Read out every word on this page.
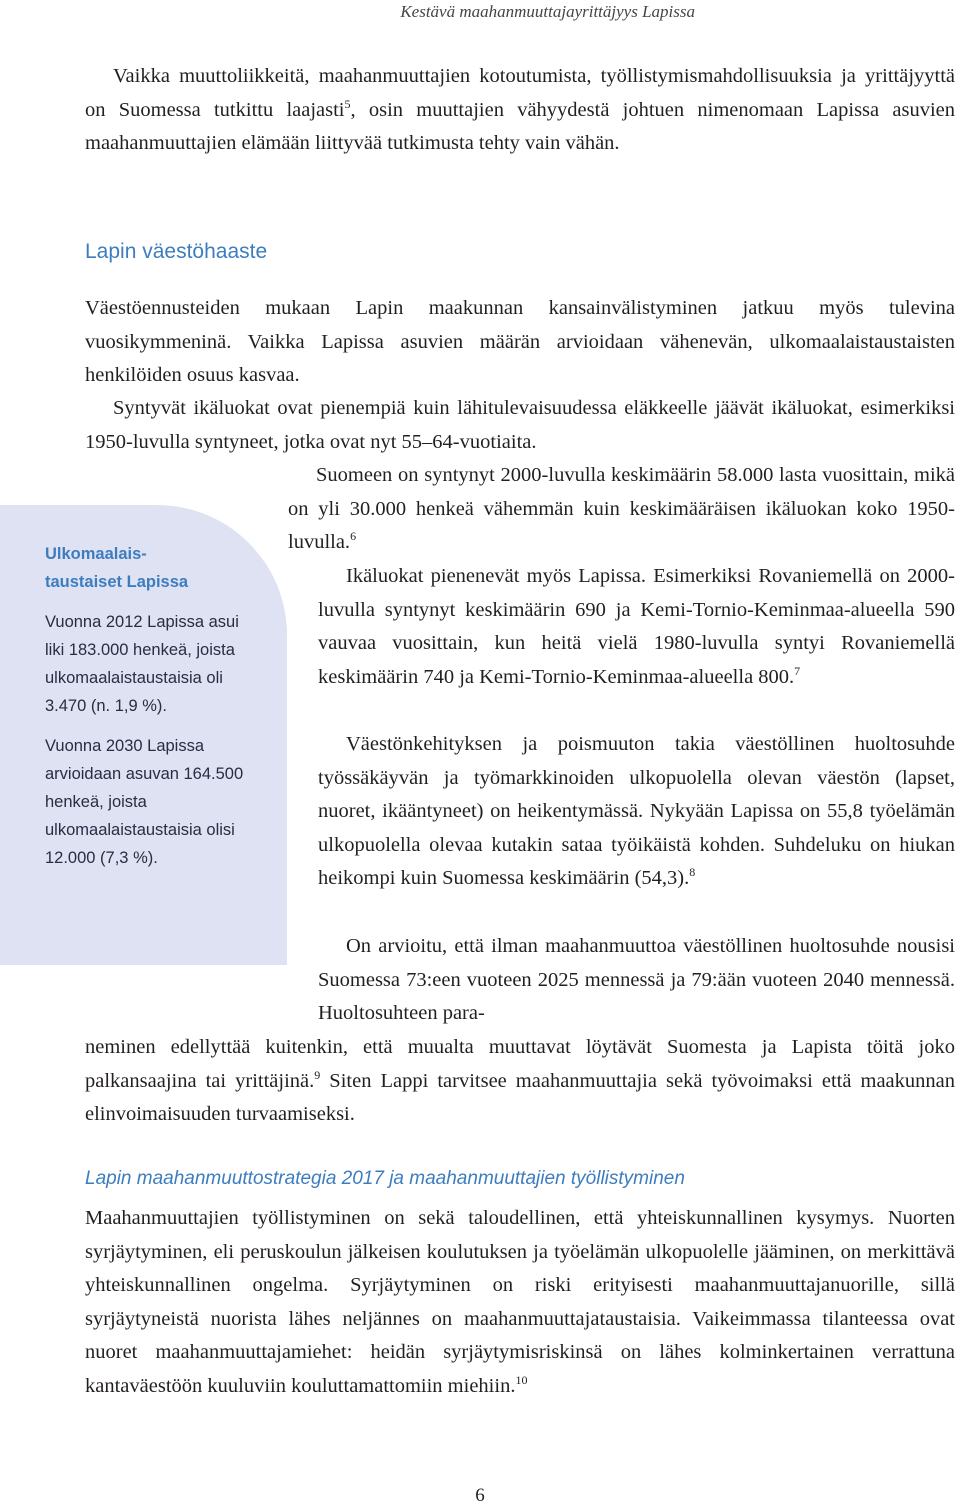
Kestävä maahanmuuttajayrittäjyys Lapissa

Vaikka muuttoliikkeitä, maahanmuuttajien kotoutumista, työllistymismahdollisuuksia ja yrittäjyyttä on Suomessa tutkittu laajasti$^5$, osin muuttajien vähyydestä johtuen nimenomaan Lapissa asuvien maahanmuuttajien elämään liittyvää tutkimusta tehty vain vähän.

Lapin väestöhaaste

Väestöennusteiden mukaan Lapin maakunnan kansainvälistyminen jatkuu myös tulevina vuosikymmeninä. Vaikka Lapissa asuvien määrän arvioidaan vähenevän, ulkomaalaistaustaisten henkilöiden osuus kasvaa.

Syntyvät ikäluokat ovat pienempiä kuin lähitulevaisuudessa eläkkeelle jäävät ikäluokat, esimerkiksi 1950-luvulla syntyneet, jotka ovat nyt 55–64-vuotiaita.

Ulkomaalais-
taustaiset Lapissa

Vuonna 2012 Lapissa asui liki 183.000 henkeä, joista ulkomaalaistaustaisia oli 3.470 (n. 1,9 %).

Vuonna 2030 Lapissa arvioidaan asuvan 164.500 henkeä, joista ulkomaalaistaustaisia olisi 12.000 (7,3 %).

Suomeen on syntynyt 2000-luvulla keskimäärin 58.000 lasta vuosittain, mikä on yli 30.000 henkeä vähemmän kuin keskimääräisen ikäluokan koko 1950-luvulla.$^6$

Ikäluokat pienenevät myös Lapissa. Esimerkiksi Rovaniemellä on 2000-luvulla syntynyt keskimäärin 690 ja Kemi-Tornio-Keminmaa-alueella 590 vauvaa vuosittain, kun heitä vielä 1980-luvulla syntyi Rovaniemellä keskimäärin 740 ja Kemi-Tornio-Keminmaa-alueella 800.$^7$

Väestönkehityksen ja poismuuton takia väestöllinen huoltosuhde työssäkäyvän ja työmarkkinoiden ulkopuolella olevan väestön (lapset, nuoret, ikääntyneet) on heikentymässä. Nykyään Lapissa on 55,8 työelämän ulkopuolella olevaa kutakin sataa työikäistä kohden. Suhdeluku on hiukan heikompi kuin Suomessa keskimäärin (54,3).$^8$

On arvioitu, että ilman maahanmuuttoa väestöllinen huoltosuhde nousisi Suomessa 73:een vuoteen 2025 mennessä ja 79:ään vuoteen 2040 mennessä. Huoltosuhteen para-

neminen edellyttää kuitenkin, että muualta muuttavat löytävät Suomesta ja Lapista töitä joko palkansaajina tai yrittäjinä.$^9$ Siten Lappi tarvitsee maahanmuuttajia sekä työvoimaksi että maakunnan elinvoimaisuuden turvaamiseksi.

Lapin maahanmuuttostrategia 2017 ja maahanmuuttajien työllistyminen

Maahanmuuttajien työllistyminen on sekä taloudellinen, että yhteiskunnallinen kysymys. Nuorten syrjäytyminen, eli peruskoulun jälkeisen koulutuksen ja työelämän ulkopuolelle jääminen, on merkittävä yhteiskunnallinen ongelma. Syrjäytyminen on riski erityisesti maahanmuuttajanuorille, sillä syrjäytyneistä nuorista lähes neljännes on maahanmuuttajataustaisia. Vaikeimmassa tilanteessa ovat nuoret maahanmuuttajamiehet: heidän syrjäytymisriskinsä on lähes kolminkertainen verrattuna kantaväestöön kuuluviin kouluttamattomiin miehiin.$^{10}$

6
